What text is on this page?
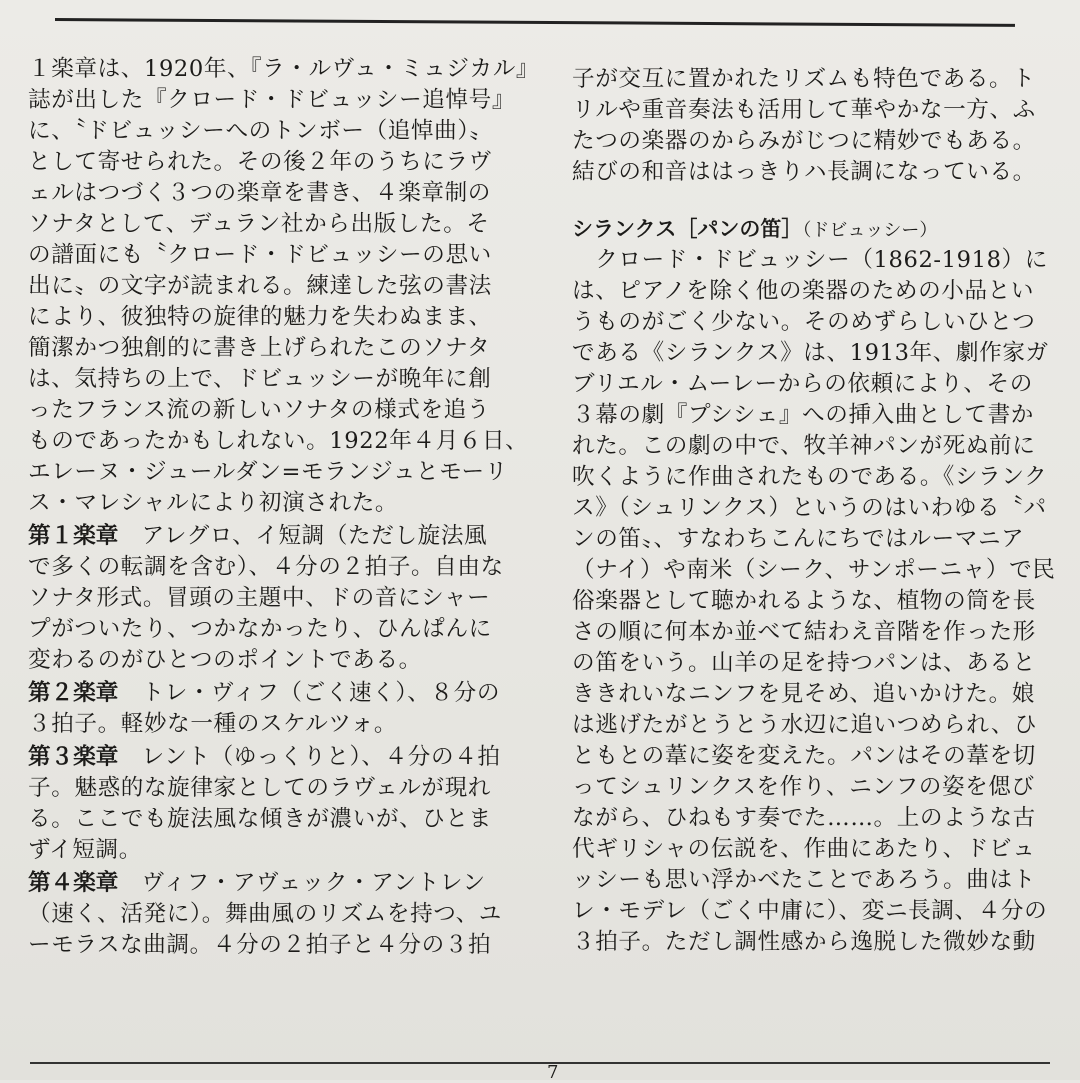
１楽章は、1920年、『ラ・ルヴュ・ミュジカル』
誌が出した『クロード・ドビュッシー追悼号』
に、〝ドビュッシーへのトンボー（追悼曲）〟
として寄せられた。その後２年のうちにラヴ
ェルはつづく３つの楽章を書き、４楽章制の
ソナタとして、デュラン社から出版した。そ
の譜面にも〝クロード・ドビュッシーの思い
出に〟の文字が読まれる。練達した弦の書法
により、彼独特の旋律的魅力を失わぬまま、
簡潔かつ独創的に書き上げられたこのソナタ
は、気持ちの上で、ドビュッシーが晩年に創
ったフランス流の新しいソナタの様式を追う
ものであったかもしれない。1922年４月６日、
エレーヌ・ジュールダン=モランジュとモーリ
ス・マレシャルにより初演された。
第１楽章　アレグロ、イ短調（ただし旋法風
で多くの転調を含む）、４分の２拍子。自由な
ソナタ形式。冒頭の主題中、ドの音にシャー
プがついたり、つかなかったり、ひんぱんに
変わるのがひとつのポイントである。
第２楽章　トレ・ヴィフ（ごく速く）、８分の
３拍子。軽妙な一種のスケルツォ。
第３楽章　レント（ゆっくりと）、４分の４拍
子。魅惑的な旋律家としてのラヴェルが現れ
る。ここでも旋法風な傾きが濃いが、ひとま
ずイ短調。
第４楽章　ヴィフ・アヴェック・アントレン
（速く、活発に）。舞曲風のリズムを持つ、ユ
ーモラスな曲調。４分の２拍子と４分の３拍
子が交互に置かれたリズムも特色である。ト
リルや重音奏法も活用して華やかな一方、ふ
たつの楽器のからみがじつに精妙でもある。
結びの和音ははっきりハ長調になっている。
シランクス［パンの笛］（ドビュッシー）
　クロード・ドビュッシー（1862-1918）に
は、ピアノを除く他の楽器のための小品とい
うものがごく少ない。そのめずらしいひとつ
である《シランクス》は、1913年、劇作家ガ
ブリエル・ムーレーからの依頼により、その
３幕の劇『プシシェ』への挿入曲として書か
れた。この劇の中で、牧羊神パンが死ぬ前に
吹くように作曲されたものである。《シランク
ス》（シュリンクス）というのはいわゆる〝パ
ンの笛〟、すなわちこんにちではルーマニア
（ナイ）や南米（シーク、サンポーニャ）で民
俗楽器として聴かれるような、植物の筒を長
さの順に何本か並べて結わえ音階を作った形
の笛をいう。山羊の足を持つパンは、あると
ききれいなニンフを見そめ、追いかけた。娘
は逃げたがとうとう水辺に追いつめられ、ひ
ともとの葦に姿を変えた。パンはその葦を切
ってシュリンクスを作り、ニンフの姿を偲び
ながら、ひねもす奏でた……。上のような古
代ギリシャの伝説を、作曲にあたり、ドビュ
ッシーも思い浮かべたことであろう。曲はト
レ・モデレ（ごく中庸に）、変ニ長調、４分の
３拍子。ただし調性感から逸脱した微妙な動
7
